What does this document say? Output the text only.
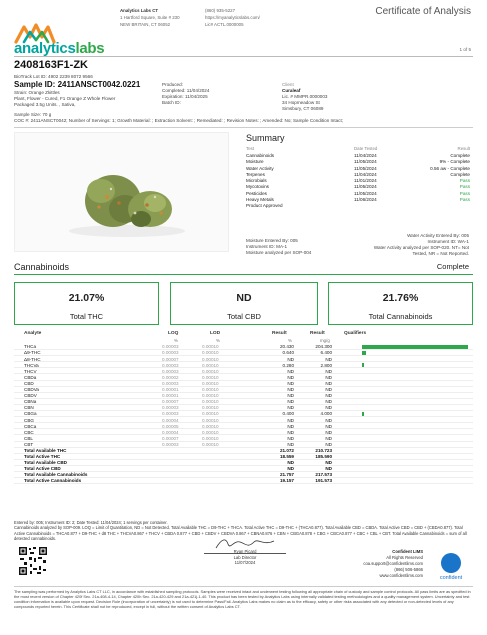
analyticslabs
Analytics Labs CT
1 Hartford Square, Suite # 230
NEW BRITAIN, CT 06052
(860) 935-5227
https://myanalyticslabs.com/
Lic# ACTL.0000005
Certificate of Analysis
1 of 5
2408163F1-ZK
BioTrack Lot ID: 4902 2239 8072 9566
Sample ID: 2411ANSCT0042.0221
Strain: Orange Zkittles
Plant, Flower - Cured, F1 Orange Z Whole Flower
Packaged 3.5g Units. , Sativa,
Sample Size: 70 g
COC #: 2411ANSCT0042; Number of Servings: 1; Growth Material: ; Extraction Solvent: ; Remediated: ; Revision Notes: ; Amended: No; Sample Condition Intact;
Produced:
Completed: 11/04/2024
Expiration: 11/04/2025
Batch ID:
Client
Curaleaf
Lic. # MMPR.0000003
34 Hopmeadow St
Simsbury, CT 06089
Summary
Test	Date Tested	Result
Cannabinoids	11/04/2024	Complete
Moisture	11/05/2024	9% - Complete
Water Activity	11/05/2024	0.56 aw - Complete
Terpenes	11/04/2024	Complete
Microbials	11/01/2024	Pass
Mycotoxins	11/05/2024	Pass
Pesticides	11/05/2024	Pass
Heavy Metals	11/06/2024	Pass
Product Approved
Moisture Entered By: 005
Instrument ID: MA-1
Moisture analyzed per SOP-004
Water Activity Entered By: 005
Instrument ID: WA-1
Water Activity analyzed per SOP-020. NT= Not
Tested, NR = Not Reported.
Cannabinoids	Complete
21.07%
Total THC
ND
Total CBD
21.76%
Total Cannabinoids
Analyte	LOQ	LOD	Result	Result	Qualifiers
%	%	%	mg/g
THCa	0.00003	0.00010	20.430	204.300
Δ9-THC	0.00003	0.00010	0.640	6.400
Δ8-THC	0.00007	0.00010	ND	ND
THCVa	0.00003	0.00010	0.280	2.800
THCV	0.00003	0.00010	ND	ND
CBDa	0.00002	0.00010	ND	ND
CBD	0.00003	0.00010	ND	ND
CBDVa	0.00001	0.00010	ND	ND
CBDV	0.00001	0.00010	ND	ND
CBNa	0.00007	0.00010	ND	ND
CBN	0.00003	0.00010	ND	ND
CBGa	0.00003	0.00010	0.400	4.000
CBG	0.00004	0.00010	ND	ND
CBCa	0.00005	0.00010	ND	ND
CBC	0.00004	0.00010	ND	ND
CBL	0.00007	0.00010	ND	ND
CBT	0.00003	0.00010	ND	ND
Total Available THC	21.072	210.723
Total Active THC	18.559	185.590
Total Available CBD	ND	ND
Total Active CBD	ND	ND
Total Available Cannabinoids	21.757	217.573
Total Active Cannabinoids	19.157	191.573
Entered by: 005; Instrument ID: 2; Date Tested: 11/04/2024; 1 servings per container.
Cannabinoids analyzed by SOP-009. LOQ = Limit of Quantitation, ND = Not Detected. Total Available THC = D9-THC + THCA. Total Active THC = D9-THC + (THCA0.877). Total Available CBD = CBDA. Total Active CBD = CBD + (CBDA0.877). Total Active Cannabinoids = THCA0.877 + D9-THC + d8 THC + THCVA0.867 + THCV + CBDA 0.877 + CBD + CBDV + CBDVA 0.867 + CBNA0.876 + CBN + CBGA0.878 + CBG + CBCA0.877 + CBC + CBL + CBT. Total Available Cannabinoids = sum of all detected cannabinoids.
Ryan Picard
Lab Director
11/07/2024
Confident LIMS
All Rights Reserved
coa.support@confidentlims.com
(866) 506-5866
www.confidentlims.com	confident
The sampling was performed by Analytics Labs CT LLC, in accordance with established sampling protocols. Samples were received intact and underwent testing following all appropriate chain of custody and sample control protocols. All pass limits are as specified in the most recent version of Chapter 420f Sec. 21a-408-4-14, Chapter 420h Sec. 21a-420-429 and 21a-421j-1-40. This product has been tested by Analytics Labs using internally validated testing methodologies and a quality management system. Uncertainty and test condition information is available upon request. Decision Rule (incorporation of uncertainty) is not used to determine Pass/Fail. Analytics Labs makes no claim as to the efficacy, safety or other risks associated with any detected or non-detected levels of any compounds reported herein. This Certificate shall not be reproduced, except in full, without the written consent of Analytics Labs CT.
